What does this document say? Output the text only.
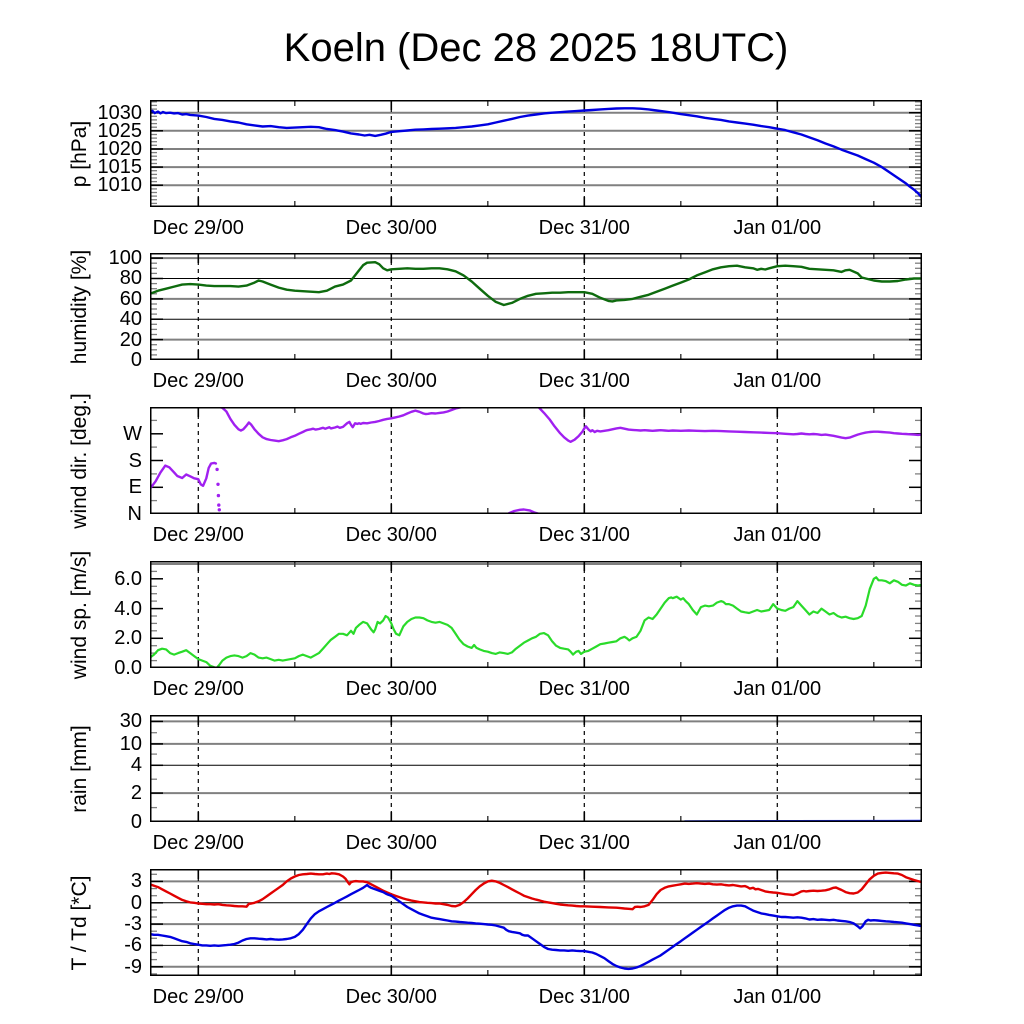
Koeln (Dec 28 2025 18UTC)
1010
1015
1020
1025
1030
p [hPa]
Dec 29/00	Dec 30/00	Dec 31/00	Jan 01/00
0
20
40
60
80
100
humidity [%]
Dec 29/00	Dec 30/00	Dec 31/00	Jan 01/00
N
E
S
W
wind dir. [deg.]
Dec 29/00	Dec 30/00	Dec 31/00	Jan 01/00
0.0
2.0
4.0
6.0
wind sp. [m/s]
Dec 29/00	Dec 30/00	Dec 31/00	Jan 01/00
0
2
4
10
30
rain [mm]
Dec 29/00	Dec 30/00	Dec 31/00	Jan 01/00
-9
-6
-3
0
3
T / Td [*C]
Dec 29/00	Dec 30/00	Dec 31/00	Jan 01/00
